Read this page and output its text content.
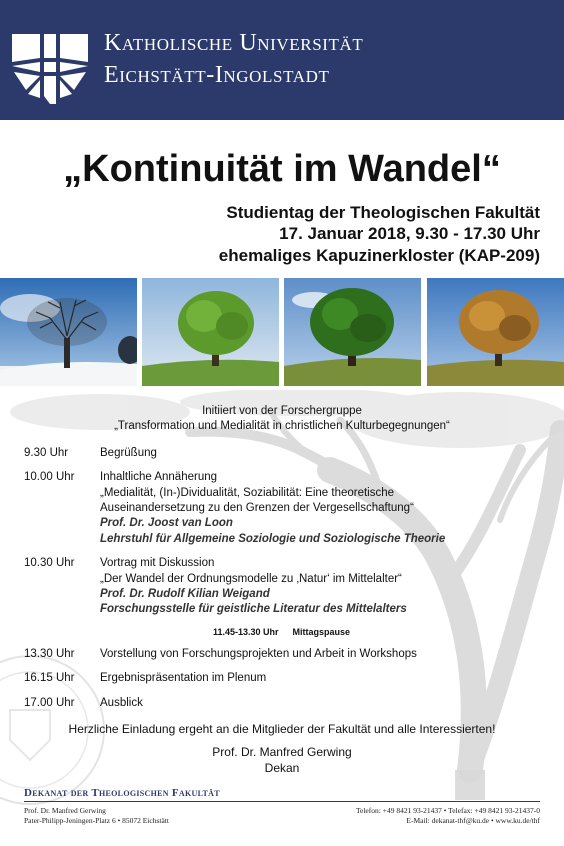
Katholische Universität
Eichstätt-Ingolstadt
„Kontinuität im Wandel“
Studientag der Theologischen Fakultät
17. Januar 2018, 9.30 - 17.30 Uhr
ehemaliges Kapuzinerkloster (KAP-209)
Initiiert von der Forschergruppe
„Transformation und Medialität in christlichen Kulturbegegnungen“
9.30 Uhr	Begrüßung
10.00 Uhr Inhaltliche Annäherung
„Medialität, (In-)Dividualität, Soziabilität: Eine theoretische
Auseinandersetzung zu den Grenzen der Vergesellschaftung“
Prof. Dr. Joost van Loon
Lehrstuhl für Allgemeine Soziologie und Soziologische Theorie
10.30 Uhr Vortrag mit Diskussion
„Der Wandel der Ordnungsmodelle zu ‚Natur‘ im Mittelalter“
Prof. Dr. Rudolf Kilian Weigand
Forschungsstelle für geistliche Literatur des Mittelalters
11.45-13.30 Uhr Mittagspause
13.30 Uhr Vorstellung von Forschungsprojekten und Arbeit in Workshops
16.15 Uhr Ergebnispräsentation im Plenum
17.00 Uhr Ausblick
Herzliche Einladung ergeht an die Mitglieder der Fakultät und alle Interessierten!
Prof. Dr. Manfred Gerwing
Dekan
Dekanat der Theologischen Fakultät
Prof. Dr. Manfred Gerwing
Pater-Philipp-Jeningen-Platz 6 • 85072 Eichstätt
Telefon: +49 8421 93-21437 • Telefax: +49 8421 93-21437-0
E-Mail: dekanat-thf@ku.de • www.ku.de/thf
